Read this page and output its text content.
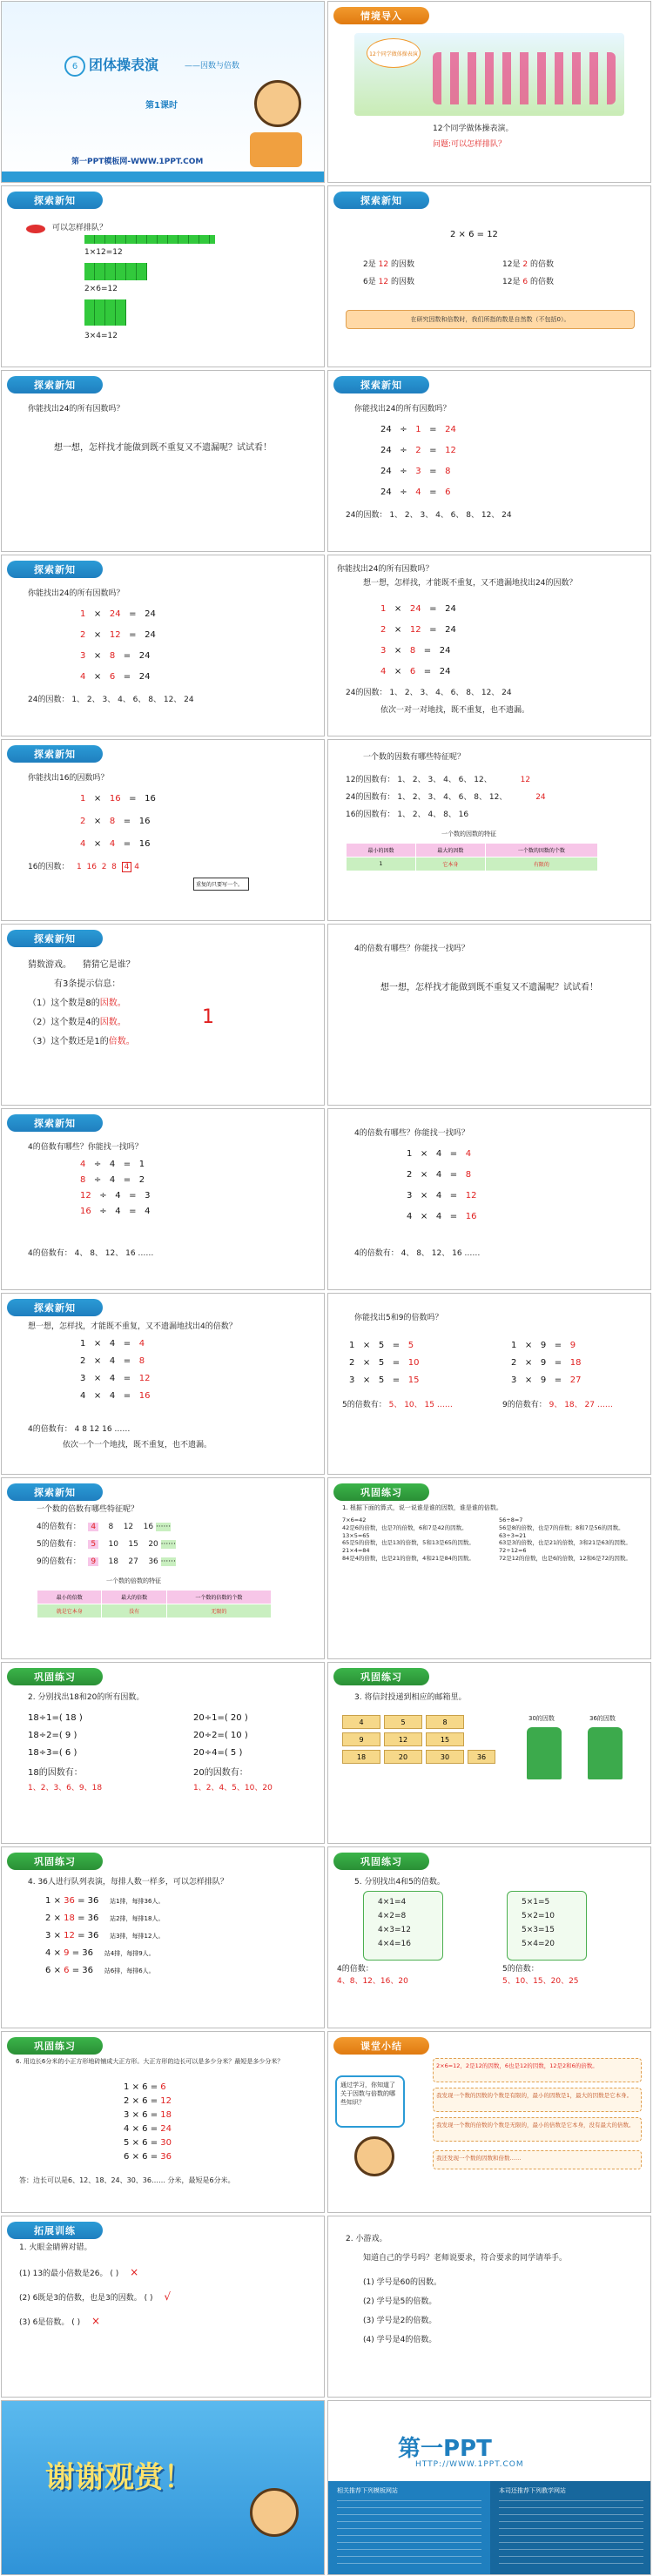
6 团体操表演	——因数与倍数
第1课时
第一PPT模板网-WWW.1PPT.COM
情境导入
12个同学做体操表演
12个同学做体操表演。
问题:可以怎样排队？
探索新知
可以怎样排队？
1×12=12
2×6=12
3×4=12
探索新知
2 × 6 = 12
2是 12 的因数	12是 2 的倍数
6是 12 的因数	12是 6 的倍数
在研究因数和倍数时，我们所指的数是自然数（不包括0）。
探索新知
你能找出24的所有因数吗？
想一想，怎样找才能做到既不重复又不遗漏呢？试试看！
探索新知
你能找出24的所有因数吗？
24 ÷ 1 = 24
24 ÷ 2 = 12
24 ÷ 3 = 8
24 ÷ 4 = 6
24的因数： 1、 2、 3、 4、 6、 8、 12、 24
探索新知
你能找出24的所有因数吗？
1 × 24 = 24
2 × 12 = 24
3 × 8 = 24
4 × 6 = 24
24的因数： 1、 2、 3、 4、 6、 8、 12、 24
你能找出24的所有因数吗？
想一想，怎样找，才能既不重复，又不遗漏地找出24的因数？
1 × 24 = 24
2 × 12 = 24
3 × 8 = 24
4 × 6 = 24
24的因数： 1、 2、 3、 4、 6、 8、 12、 24
依次一对一对地找，既不重复，也不遗漏。
探索新知
你能找出16的因数吗？
1 × 16 = 16
2 × 8 = 16
4 × 4 = 16
16的因数： 1 16 2 8 4 4
重复的只要写一个。
一个数的因数有哪些特征呢？
12的因数有： 1、 2、 3、 4、 6、 12、	12
24的因数有： 1、 2、 3、 4、 6、 8、 12、	24
16的因数有： 1、 2、 4、 8、 16
一个数的因数的特征
最小的因数	最大的因数	一个数的因数的个数
1	它本身	有限的
探索新知
猜数游戏。 猜猜它是谁？
有3条提示信息：
（1）这个数是8的因数。
（2）这个数是4的因数。
（3）这个数还是1的倍数。
1
4的倍数有哪些？你能找一找吗？
想一想，怎样找才能做到既不重复又不遗漏呢？试试看！
探索新知
4的倍数有哪些？你能找一找吗？
4 ÷ 4 = 1
8 ÷ 4 = 2
12 ÷ 4 = 3
16 ÷ 4 = 4
4的倍数有： 4、 8、 12、 16 ……
4的倍数有哪些？你能找一找吗？
1 × 4 = 4
2 × 4 = 8
3 × 4 = 12
4 × 4 = 16
4的倍数有： 4、 8、 12、 16 ……
探索新知
想一想，怎样找，才能既不重复，又不遗漏地找出4的倍数？
1 × 4 = 4
2 × 4 = 8
3 × 4 = 12
4 × 4 = 16
4的倍数有： 4 8 12 16 ……
依次一个一个地找，既不重复，也不遗漏。
你能找出5和9的倍数吗？
1 × 5 = 5
2 × 5 = 10
3 × 5 = 15
1 × 9 = 9
2 × 9 = 18
3 × 9 = 27
5的倍数有： 5、 10、 15 ……	9的倍数有： 9、 18、 27 ……
探索新知
一个数的倍数有哪些特征呢？
4的倍数有： 4 8 12 16 ······
5的倍数有： 5 10 15 20 ······
9的倍数有： 9 18 27 36 ······
一个数的倍数的特征
最小的倍数	最大的倍数	一个数的倍数的个数
就是它本身	没有	无限的
巩固练习
1. 根据下面的算式，说一说谁是谁的因数，谁是谁的倍数。
7×6=42
42是6的倍数，也是7的倍数，6和7是42的因数。
13×5=65
65是5的倍数，也是13的倍数，5和13是65的因数。
21×4=84
84是4的倍数，也是21的倍数，4和21是84的因数。
56÷8=7
56是8的倍数，也是7的倍数；8和7是56的因数。
63÷3=21
63是3的倍数，也是21的倍数，3和21是63的因数。
72÷12=6
72是12的倍数，也是6的倍数，12和6是72的因数。
巩固练习
2. 分别找出18和20的所有因数。
18÷1=( 18 )
18÷2=( 9 )
18÷3=( 6 )
20÷1=( 20 )
20÷2=( 10 )
20÷4=( 5 )
18的因数有：
1、2、3、6、9、18
20的因数有：
1、2、4、5、10、20
巩固练习
3. 将信封投递到相应的邮箱里。
4	5	8
9	12	15
18	20	30	36
30的因数	36的因数
巩固练习
4. 36人进行队列表演，每排人数一样多，可以怎样排队？
1 × 36 = 36 站1排，每排36人。
2 × 18 = 36 站2排，每排18人。
3 × 12 = 36 站3排，每排12人。
4 × 9 = 36 站4排，每排9人。
6 × 6 = 36 站6排，每排6人。
巩固练习
5. 分别找出4和5的倍数。
4×1=4
4×2=8
4×3=12
4×4=16
5×1=5
5×2=10
5×3=15
5×4=20
4的倍数：
4、8、12、16、20
5的倍数：
5、10、15、20、25
巩固练习
6. 用边长6分米的小正方形地砖铺成大正方形。大正方形的边长可以是多少分米？最短是多少分米？
1 × 6 = 6
2 × 6 = 12
3 × 6 = 18
4 × 6 = 24
5 × 6 = 30
6 × 6 = 36
答：边长可以是6、12、18、24、30、36…… 分米，最短是6分米。
课堂小结
通过学习，你知道了关于因数与倍数的哪些知识？
2×6=12，2是12的因数，6也是12的因数，12是2和6的倍数。
我发现一个数的因数的个数是有限的，最小的因数是1，最大的因数是它本身。
我发现一个数的倍数的个数是无限的，最小的倍数是它本身，没有最大的倍数。
我还发现一个数的因数和倍数……
拓展训练
1. 火眼金睛辨对错。
(1) 13的最小倍数是26。 ( ) ×
(2) 6既是3的倍数，也是3的因数。 ( ) √
(3) 6是倍数。 ( ) ×
2. 小游戏。
知道自己的学号吗？老师说要求，符合要求的同学请举手。
(1) 学号是60的因数。
(2) 学号是5的倍数。
(3) 学号是2的倍数。
(4) 学号是4的倍数。
谢谢观赏！
第一PPT
HTTP://WWW.1PPT.COM
相关推荐下列模板网站	本司还推荐下列教学网站
